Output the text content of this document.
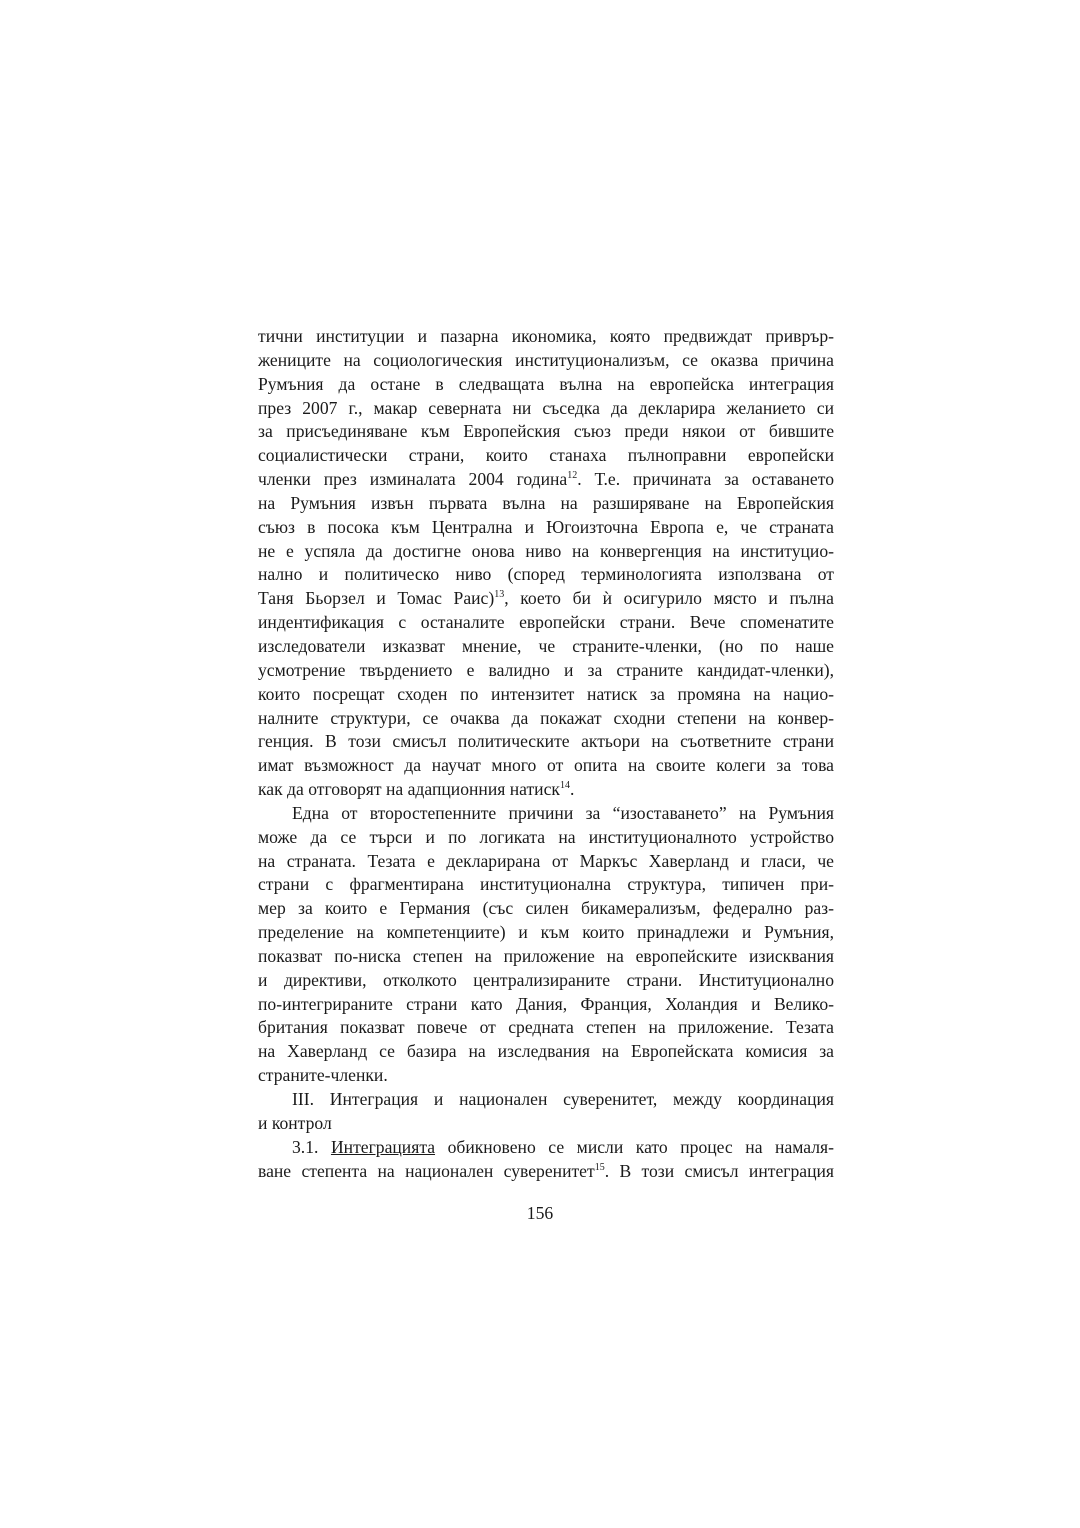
тични институции и пазарна икономика, която предвиждат приврър-
жениците на социологическия институционализъм, се оказва причина
Румъния да остане в следващата вълна на европейска интеграция
през 2007 г., макар северната ни съседка да декларира желанието си
за присъединяване към Европейския съюз преди някои от бившите
социалистически страни, които станаха пълноправни европейски
членки през изминалата 2004 година$^{12}$. Т.е. причината за оставането
на Румъния извън първата вълна на разширяване на Европейския
съюз в посока към Централна и Югоизточна Европа е, че страната
не е успяла да достигне онова ниво на конвергенция на институцио-
нално и политическо ниво (според терминологията използвана от
Таня Бьорзел и Томас Раис)$^{13}$, което би ѝ осигурило място и пълна
индентификация с останалите европейски страни. Вече споменатите
изследователи изказват мнение, че страните-членки, (но по наше
усмотрение твърдението е валидно и за страните кандидат-членки),
които посрещат сходен по интензитет натиск за промяна на нацио-
налните структури, се очаква да покажат сходни степени на конвер-
генция. В този смисъл политическите актьори на съответните страни
имат възможност да научат много от опита на своите колеги за това
как да отговорят на адапционния натиск$^{14}$.

Една от второстепенните причини за “изоставането” на Румъния
може да се търси и по логиката на институционалното устройство
на страната. Тезата е декларирана от Маркъс Хаверланд и гласи, че
страни с фрагментирана институционална структура, типичен при-
мер за които е Германия (със силен бикамерализъм, федерално раз-
пределение на компетенциите) и към които принадлежи и Румъния,
показват по-ниска степен на приложение на европейските изисквания
и директиви, отколкото централизираните страни. Институционално
по-интегрираните страни като Дания, Франция, Холандия и Велико-
британия показват повече от средната степен на приложение. Тезата
на Хаверланд се базира на изследвания на Европейската комисия за
страните-членки.

III. Интеграция и национален суверенитет, между координация
и контрол

3.1. Интеграцията обикновено се мисли като процес на намаля-
ване степента на национален суверенитет$^{15}$. В този смисъл интеграция

156
